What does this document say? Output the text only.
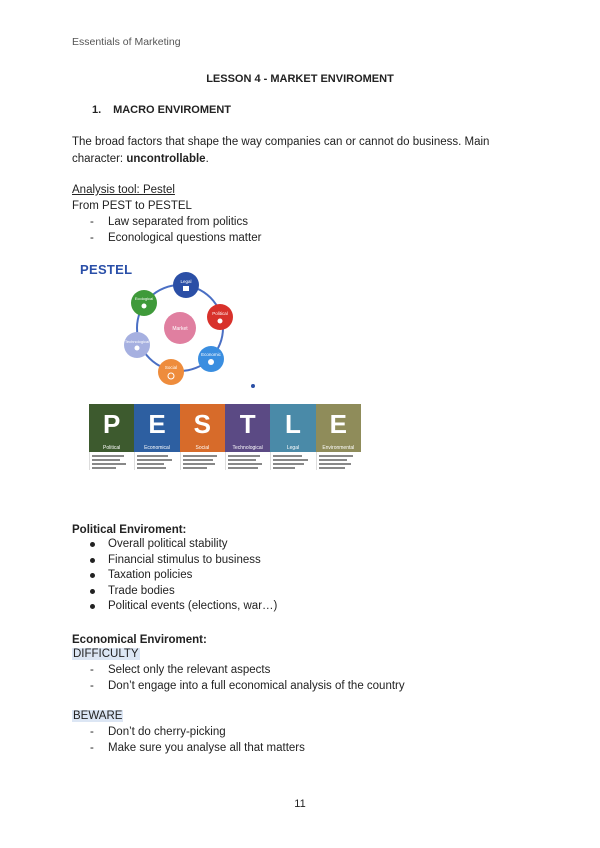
Essentials of Marketing
LESSON 4 - MARKET ENVIROMENT
1. MACRO ENVIROMENT
The broad factors that shape the way companies can or cannot do business. Main character: uncontrollable.
Analysis tool: Pestel
From PEST to PESTEL
- Law separated from politics
- Econological questions matter
PESTEL
Market
Legal
Political
Economic
Social
Technological
Ecological
P
Political
E
Economical
S
Social
T
Technological
L
Legal
E
Environmental
Political Enviroment:
Overall political stability
Financial stimulus to business
Taxation policies
Trade bodies
Political events (elections, war…)
Economical Enviroment:
DIFFICULTY
- Select only the relevant aspects
- Don’t engage into a full economical analysis of the country
BEWARE
- Don’t do cherry-picking
- Make sure you analyse all that matters
11
